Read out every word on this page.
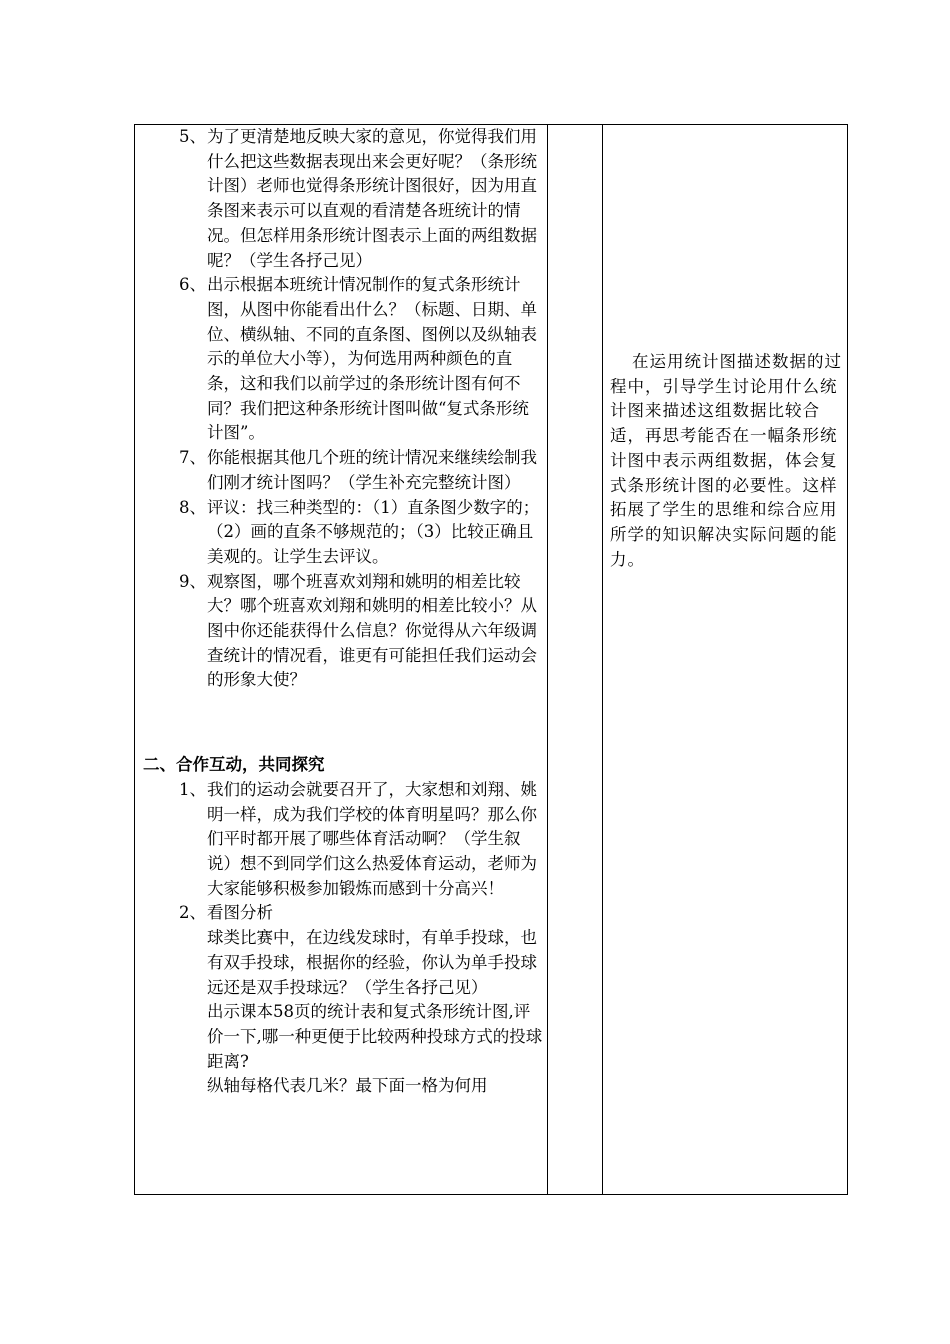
5、 为了更清楚地反映大家的意见，你觉得我们用什么把这些数据表现出来会更好呢？（条形统计图）老师也觉得条形统计图很好，因为用直条图来表示可以直观的看清楚各班统计的情况。但怎样用条形统计图表示上面的两组数据呢？（学生各抒己见）
6、 出示根据本班统计情况制作的复式条形统计图，从图中你能看出什么？（标题、日期、单位、横纵轴、不同的直条图、图例以及纵轴表示的单位大小等），为何选用两种颜色的直条，这和我们以前学过的条形统计图有何不同？我们把这种条形统计图叫做“复式条形统计图”。
7、 你能根据其他几个班的统计情况来继续绘制我们刚才统计图吗？（学生补充完整统计图）
8、 评议：找三种类型的：（1）直条图少数字的；（2）画的直条不够规范的；（3）比较正确且美观的。让学生去评议。
9、 观察图，哪个班喜欢刘翔和姚明的相差比较大？哪个班喜欢刘翔和姚明的相差比较小？从图中你还能获得什么信息？你觉得从六年级调查统计的情况看，谁更有可能担任我们运动会的形象大使？
二、合作互动，共同探究
1、 我们的运动会就要召开了，大家想和刘翔、姚明一样，成为我们学校的体育明星吗？那么你们平时都开展了哪些体育活动啊？（学生叙说）想不到同学们这么热爱体育运动，老师为大家能够积极参加锻炼而感到十分高兴！
2、 看图分析
球类比赛中，在边线发球时，有单手投球，也有双手投球，根据你的经验，你认为单手投球远还是双手投球远？（学生各抒己见）
出示课本58页的统计表和复式条形统计图,评价一下,哪一种更便于比较两种投球方式的投球距离?
纵轴每格代表几米？最下面一格为何用
在运用统计图描述数据的过程中，引导学生讨论用什么统计图来描述这组数据比较合适，再思考能否在一幅条形统计图中表示两组数据，体会复式条形统计图的必要性。这样拓展了学生的思维和综合应用所学的知识解决实际问题的能力。
